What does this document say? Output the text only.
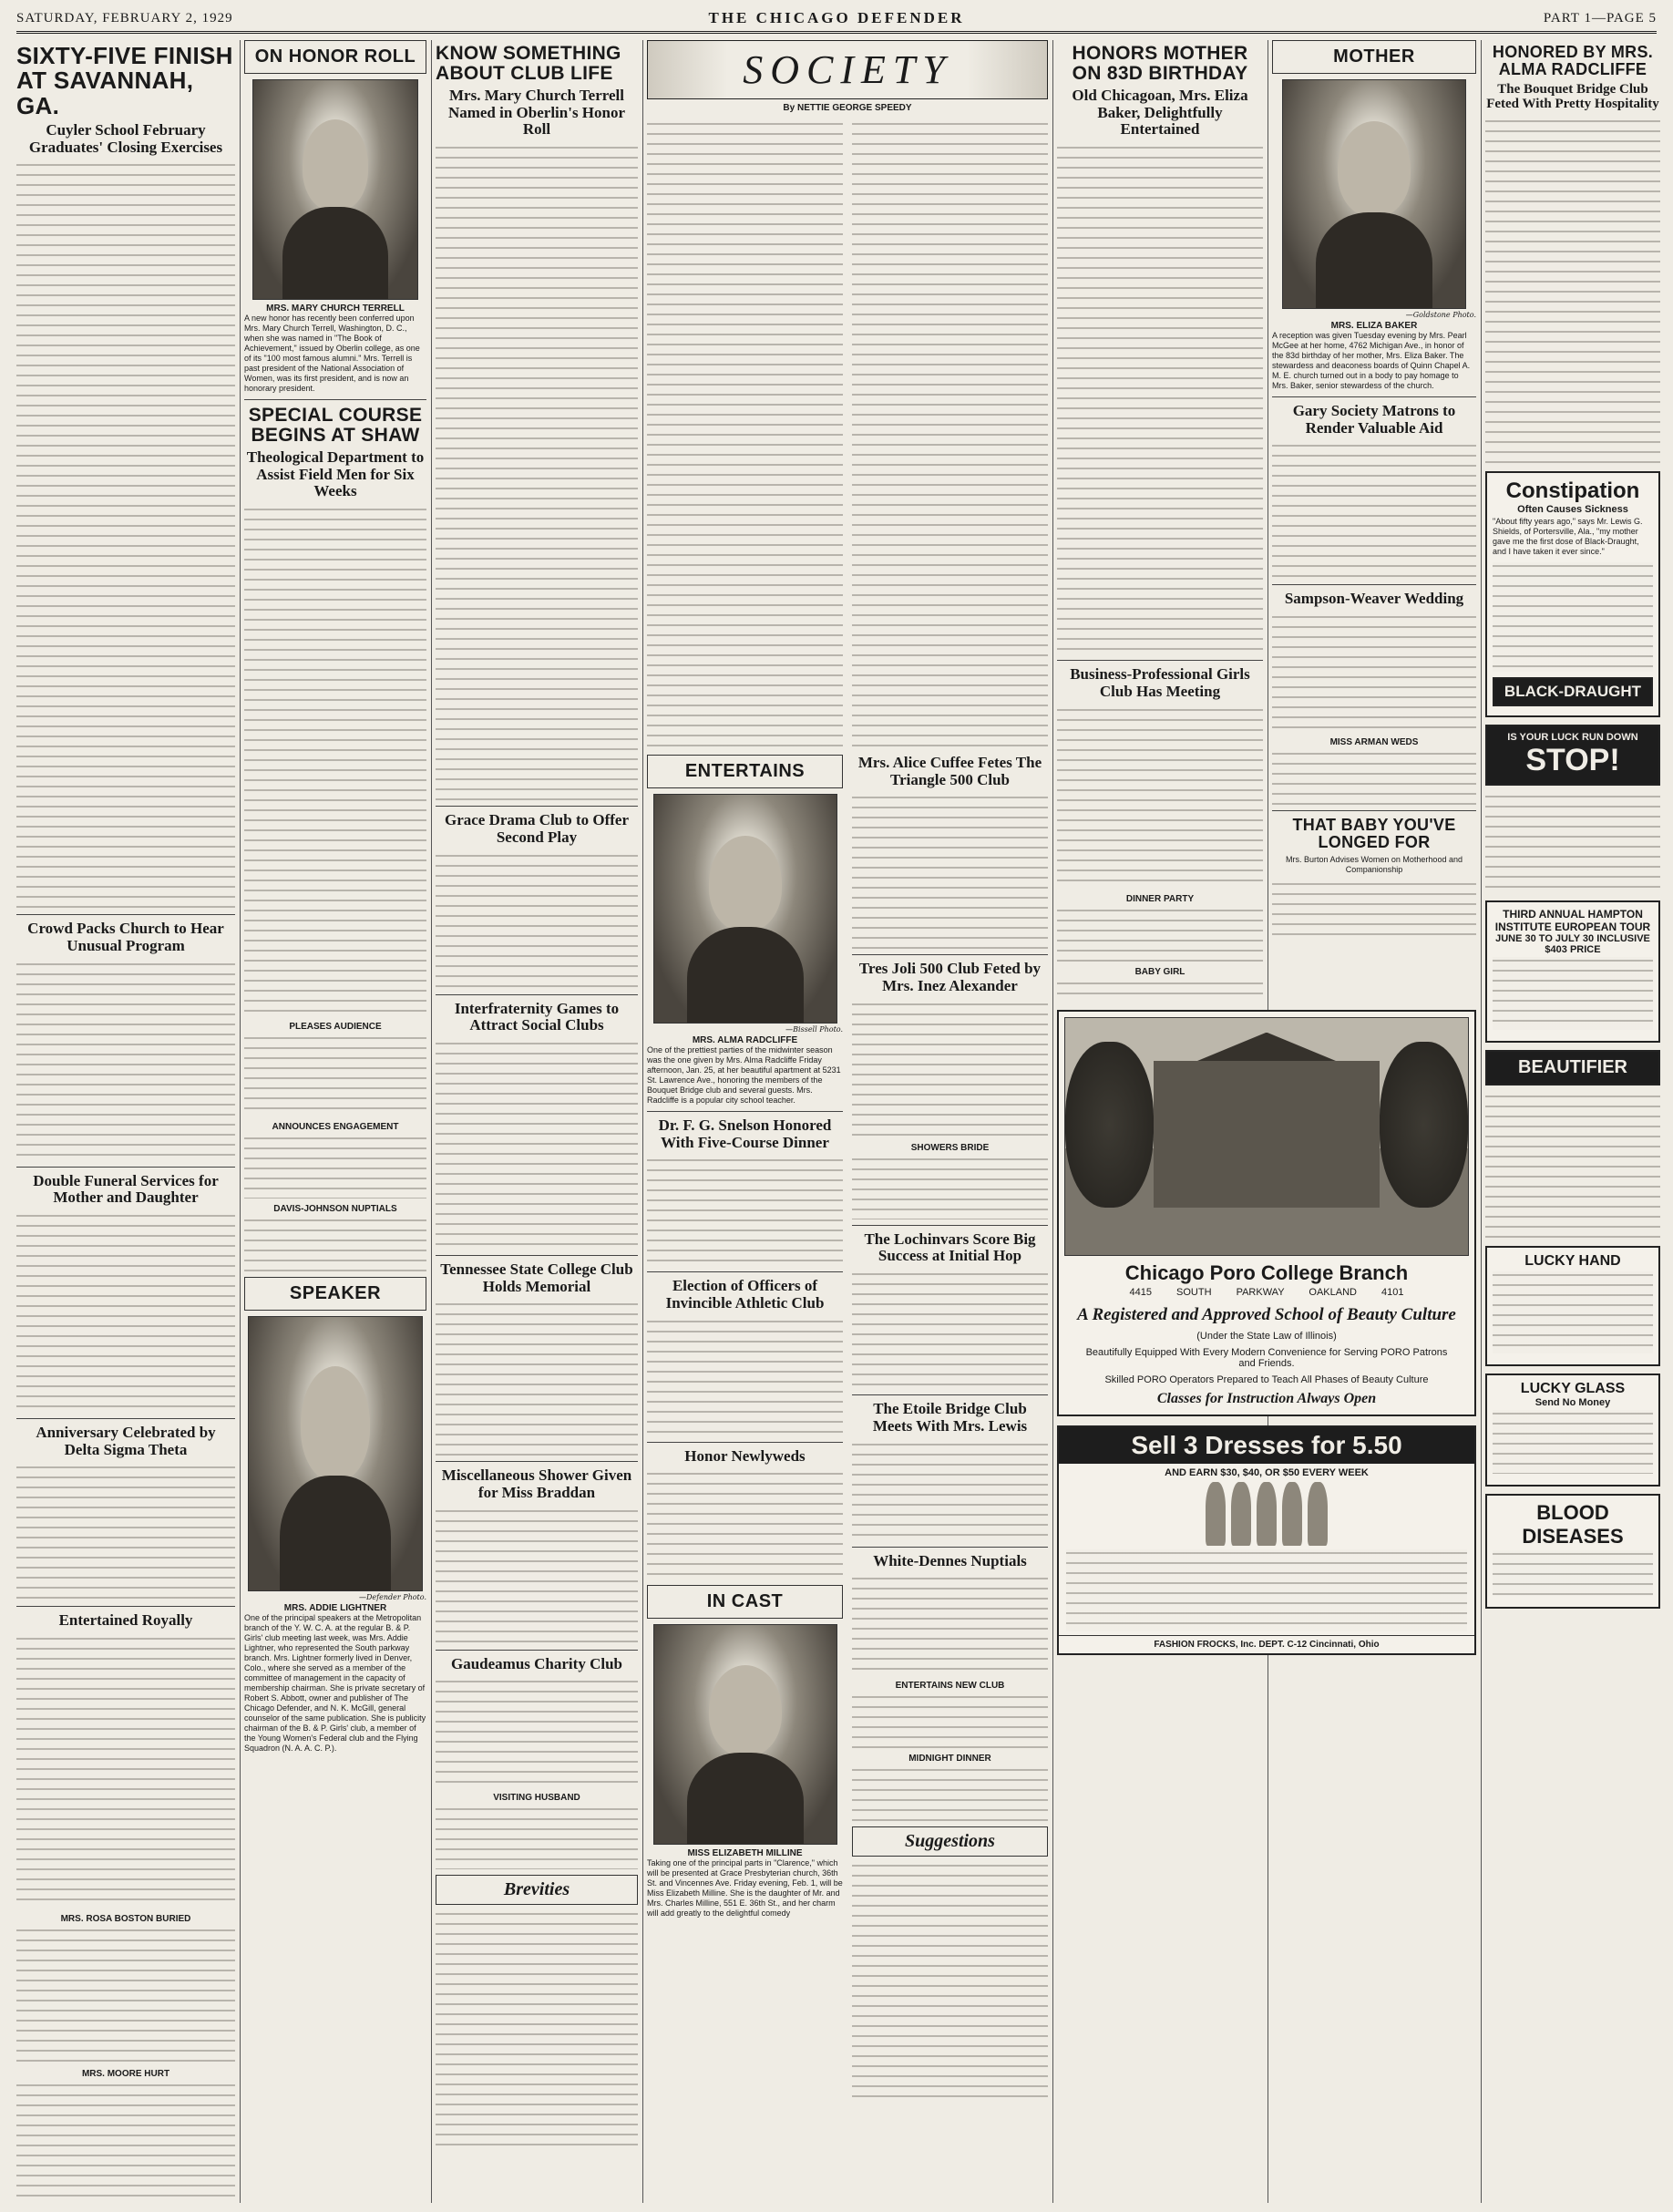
SATURDAY, FEBRUARY 2, 1929	THE CHICAGO DEFENDER	PART 1—PAGE 5
SIXTY-FIVE FINISH AT SAVANNAH, GA.
Cuyler School February Graduates' Closing Exercises
Crowd Packs Church to Hear Unusual Program
Double Funeral Services for Mother and Daughter
Anniversary Celebrated by Delta Sigma Theta
Entertained Royally
MRS. ROSA BOSTON BURIED
MRS. MOORE HURT
ON HONOR ROLL
MRS. MARY CHURCH TERRELL
A new honor has recently been conferred upon Mrs. Mary Church Terrell, Washington, D. C., when she was named in "The Book of Achievement," issued by Oberlin college, as one of its "100 most famous alumni." Mrs. Terrell is past president of the National Association of Women, was its first president, and is now an honorary president.
SPECIAL COURSE BEGINS AT SHAW
Theological Department to Assist Field Men for Six Weeks
PLEASES AUDIENCE
ANNOUNCES ENGAGEMENT
DAVIS-JOHNSON NUPTIALS
SPEAKER
—Defender Photo.
MRS. ADDIE LIGHTNER
One of the principal speakers at the Metropolitan branch of the Y. W. C. A. at the regular B. & P. Girls' club meeting last week, was Mrs. Addie Lightner, who represented the South parkway branch. Mrs. Lightner formerly lived in Denver, Colo., where she served as a member of the committee of management in the capacity of membership chairman. She is private secretary of Robert S. Abbott, owner and publisher of The Chicago Defender, and N. K. McGill, general counselor of the same publication. She is publicity chairman of the B. & P. Girls' club, a member of the Young Women's Federal club and the Flying Squadron (N. A. A. C. P.).
KNOW SOMETHING ABOUT CLUB LIFE
Mrs. Mary Church Terrell Named in Oberlin's Honor Roll
Grace Drama Club to Offer Second Play
Interfraternity Games to Attract Social Clubs
Tennessee State College Club Holds Memorial
Miscellaneous Shower Given for Miss Braddan
Gaudeamus Charity Club
VISITING HUSBAND
Brevities
SOCIETY
By NETTIE GEORGE SPEEDY
ENTERTAINS
—Bissell Photo.
MRS. ALMA RADCLIFFE
One of the prettiest parties of the midwinter season was the one given by Mrs. Alma Radcliffe Friday afternoon, Jan. 25, at her beautiful apartment at 5231 St. Lawrence Ave., honoring the members of the Bouquet Bridge club and several guests. Mrs. Radcliffe is a popular city school teacher.
Dr. F. G. Snelson Honored With Five-Course Dinner
Election of Officers of Invincible Athletic Club
Honor Newlyweds
IN CAST
MISS ELIZABETH MILLINE
Taking one of the principal parts in "Clarence," which will be presented at Grace Presbyterian church, 36th St. and Vincennes Ave. Friday evening, Feb. 1, will be Miss Elizabeth Milline. She is the daughter of Mr. and Mrs. Charles Milline, 551 E. 36th St., and her charm will add greatly to the delightful comedy
Mrs. Alice Cuffee Fetes The Triangle 500 Club
Tres Joli 500 Club Feted by Mrs. Inez Alexander
SHOWERS BRIDE
The Lochinvars Score Big Success at Initial Hop
The Etoile Bridge Club Meets With Mrs. Lewis
White-Dennes Nuptials
ENTERTAINS NEW CLUB
MIDNIGHT DINNER
Suggestions
HONORS MOTHER ON 83D BIRTHDAY
Old Chicagoan, Mrs. Eliza Baker, Delightfully Entertained
Business-Professional Girls Club Has Meeting
DINNER PARTY
BABY GIRL
MOTHER
—Goldstone Photo.
MRS. ELIZA BAKER
A reception was given Tuesday evening by Mrs. Pearl McGee at her home, 4762 Michigan Ave., in honor of the 83d birthday of her mother, Mrs. Eliza Baker. The stewardess and deaconess boards of Quinn Chapel A. M. E. church turned out in a body to pay homage to Mrs. Baker, senior stewardess of the church.
Gary Society Matrons to Render Valuable Aid
Sampson-Weaver Wedding
MISS ARMAN WEDS
THAT BABY YOU'VE LONGED FOR
Mrs. Burton Advises Women on Motherhood and Companionship
Chicago Poro College Branch
4415 SOUTH PARKWAY OAKLAND 4101
A Registered and Approved School of Beauty Culture
(Under the State Law of Illinois)
Beautifully Equipped With Every Modern Convenience for Serving PORO Patrons and Friends.
Skilled PORO Operators Prepared to Teach All Phases of Beauty Culture
Classes for Instruction Always Open
Sell 3 Dresses for 5.50
AND EARN $30, $40, OR $50 EVERY WEEK
FASHION FROCKS, Inc. DEPT. C-12 Cincinnati, Ohio
HONORED BY MRS. ALMA RADCLIFFE
The Bouquet Bridge Club Feted With Pretty Hospitality
Constipation
Often Causes Sickness
"About fifty years ago," says Mr. Lewis G. Shields, of Portersville, Ala., "my mother gave me the first dose of Black-Draught, and I have taken it ever since."
BLACK-DRAUGHT
IS YOUR LUCK RUN DOWN
STOP!
THIRD ANNUAL HAMPTON INSTITUTE EUROPEAN TOUR
JUNE 30 TO JULY 30 INCLUSIVE $403 PRICE
BEAUTIFIER
LUCKY HAND
LUCKY GLASS
Send No Money
BLOOD DISEASES
